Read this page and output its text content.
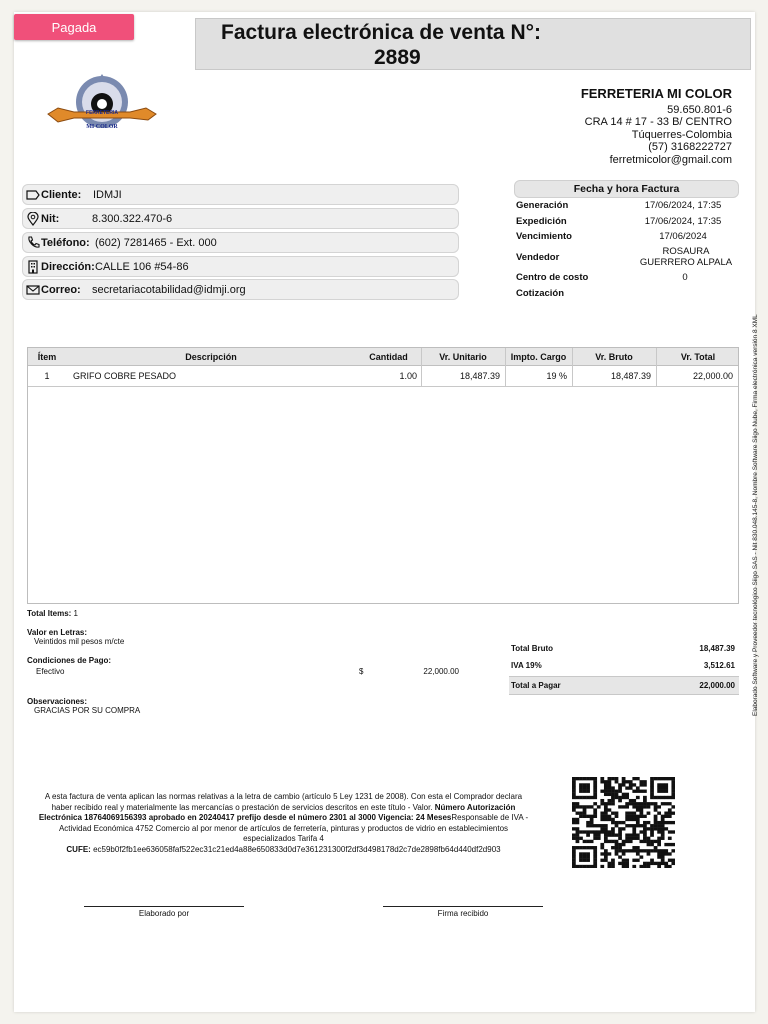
Pagada	Factura electrónica de venta N°:
2889
FERRETERIA
MI COLOR
FERRETERIA MI COLOR
59.650.801-6
CRA 14 # 17 - 33 B/ CENTRO
Túquerres-Colombia
(57) 3168222727
ferretmicolor@gmail.com
Cliente: IDMJI
Nit:	8.300.322.470-6
Teléfono: (602) 7281465 - Ext. 000
Dirección: CALLE 106 #54-86
Correo: secretariacotabilidad@idmji.org
Fecha y hora Factura
Generación	17/06/2024, 17:35
Expedición	17/06/2024, 17:35
Vencimiento	17/06/2024
Vendedor
ROSAURA
GUERRERO ALPALA
Centro de costo	0
Cotización
Ítem	Descripción	Cantidad	Vr. Unitario	Impto. Cargo	Vr. Bruto	Vr. Total
1	GRIFO COBRE PESADO	1.00	18,487.39	19 %	18,487.39	22,000.00
Total Items: 1
Valor en Letras:
Veintidos mil pesos m/cte
Condiciones de Pago:
Efectivo	$	22,000.00
Observaciones:
GRACIAS POR SU COMPRA
Total Bruto	18,487.39
IVA 19%	3,512.61
Total a Pagar	22,000.00
A esta factura de venta aplican las normas relativas a la letra de cambio (artículo 5 Ley 1231 de 2008). Con esta el Comprador declara haber recibido real y materialmente las mercancías o prestación de servicios descritos en este título - Valor. Número Autorización Electrónica 18764069156393 aprobado en 20240417 prefijo desde el número 2301 al 3000 Vigencia: 24 MesesResponsable de IVA - Actividad Económica 4752 Comercio al por menor de artículos de ferretería, pinturas y productos de vidrio en establecimientos especializados Tarifa 4
CUFE: ec59b0f2fb1ee636058faf522ec31c21ed4a88e650833d0d7e361231300f2df3d498178d2c7de2898fb64d440df2d903
Elaborado por	Firma recibido
Elaborado Software y Proveedor tecnológico Siigo SAS - Nit 830.048.145-8, Nombre Software Siigo Nube, Firma electrónica versión 8 XML
